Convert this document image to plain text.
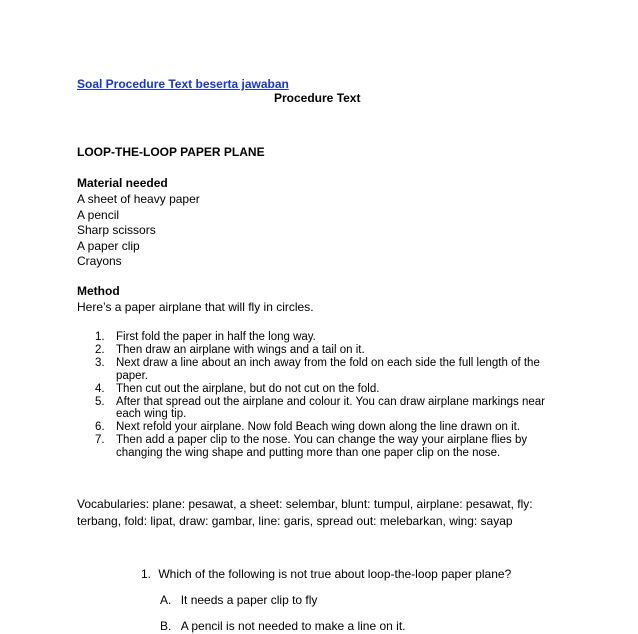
Soal Procedure Text beserta jawaban
Procedure Text
LOOP-THE-LOOP PAPER PLANE
Material needed
A sheet of heavy paper
A pencil
Sharp scissors
A paper clip
Crayons
Method
Here’s a paper airplane that will fly in circles.
1. First fold the paper in half the long way.
2. Then draw an airplane with wings and a tail on it.
3. Next draw a line about an inch away from the fold on each side the full length of the paper.
4. Then cut out the airplane, but do not cut on the fold.
5. After that spread out the airplane and colour it. You can draw airplane markings near each wing tip.
6. Next refold your airplane. Now fold Beach wing down along the line drawn on it.
7. Then add a paper clip to the nose. You can change the way your airplane flies by changing the wing shape and putting more than one paper clip on the nose.
Vocabularies: plane: pesawat, a sheet: selembar, blunt: tumpul, airplane: pesawat, fly: terbang, fold: lipat, draw: gambar, line: garis, spread out: melebarkan, wing: sayap
1. Which of the following is not true about loop-the-loop paper plane?
A. It needs a paper clip to fly
B. A pencil is not needed to make a line on it.
